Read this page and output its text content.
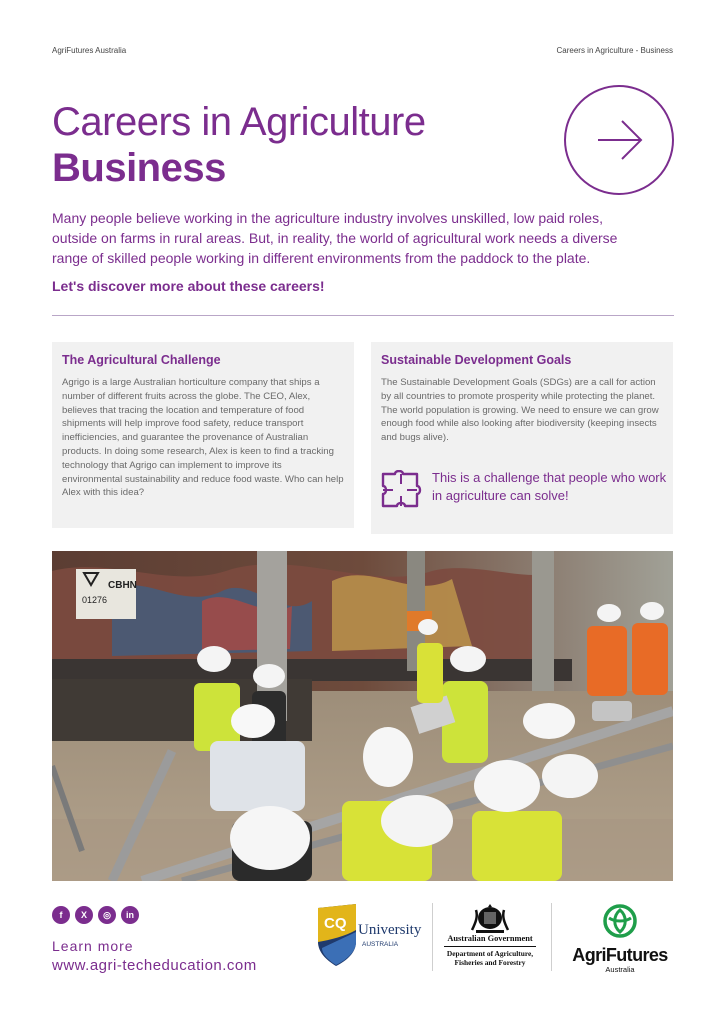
AgriFutures Australia	Careers in Agriculture - Business
Careers in Agriculture
Business

Many people believe working in the agriculture industry involves unskilled, low paid roles, outside on farms in rural areas. But, in reality, the world of agricultural work needs a diverse range of skilled people working in different environments from the paddock to the plate.

Let's discover more about these careers!
The Agricultural Challenge

Agrigo is a large Australian horticulture company that ships a number of different fruits across the globe. The CEO, Alex, believes that tracing the location and temperature of food shipments will help improve food safety, reduce transport inefficiencies, and guarantee the provenance of Australian products. In doing some research, Alex is keen to find a tracking technology that Agrigo can implement to improve its environmental sustainability and reduce food waste. Who can help Alex with this idea?

Sustainable Development Goals

The Sustainable Development Goals (SDGs) are a call for action by all countries to promote prosperity while protecting the planet. The world population is growing. We need to ensure we can grow enough food while also looking after biodiversity (keeping insects and bugs alive).

This is a challenge that people who work in agriculture can solve!
CBHN
01276
f	X	◎	in
Learn more
www.agri-techeducation.com
CQ University
AUSTRALIA
Australian Government
Department of Agriculture,
Fisheries and Forestry	AgriFutures
Australia
